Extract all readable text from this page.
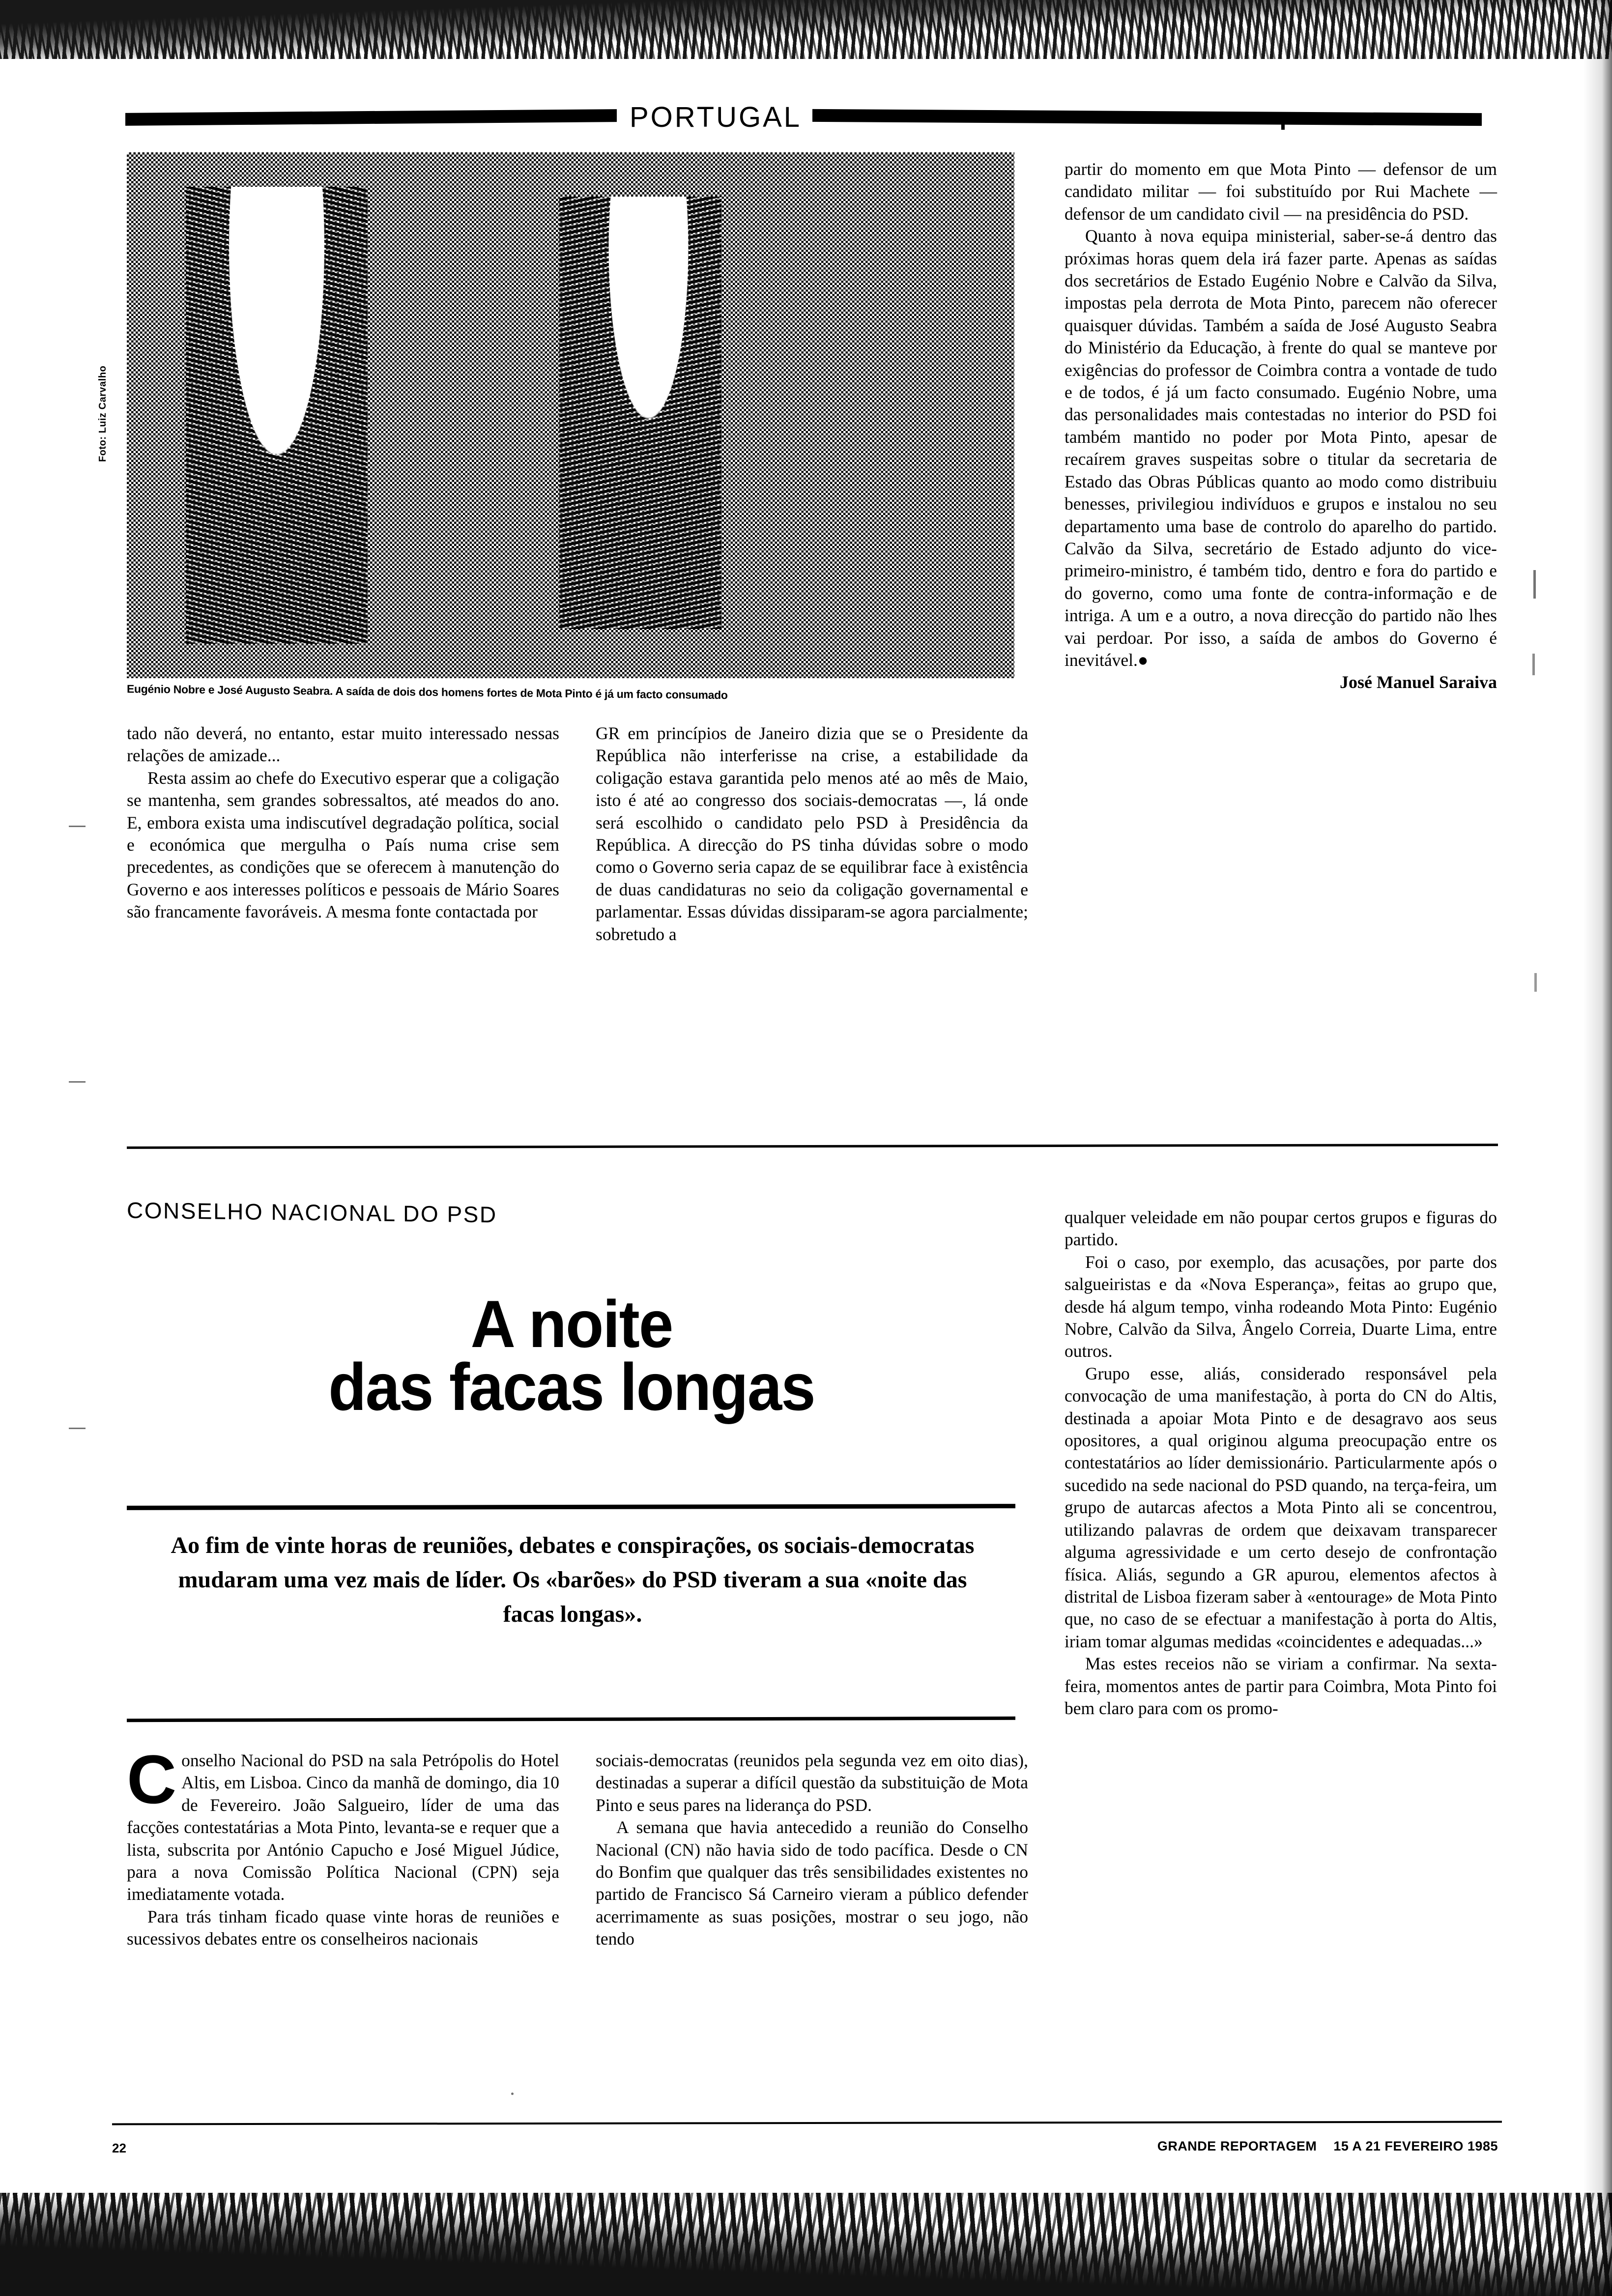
PORTUGAL
Foto: Luiz Carvalho
Eugénio Nobre e José Augusto Seabra. A saída de dois dos homens fortes de Mota Pinto é já um facto consumado

tado não deverá, no entanto, estar muito interessado nessas relações de amizade...

Resta assim ao chefe do Executivo esperar que a coligação se mantenha, sem grandes sobressaltos, até meados do ano. E, embora exista uma indiscutível degradação política, social e económica que mergulha o País numa crise sem precedentes, as condições que se oferecem à manutenção do Governo e aos interesses políticos e pessoais de Mário Soares são francamente favoráveis. A mesma fonte contactada por

GR em princípios de Janeiro dizia que se o Presidente da República não interferisse na crise, a estabilidade da coligação estava garantida pelo menos até ao mês de Maio, isto é até ao congresso dos sociais-democratas —, lá onde será escolhido o candidato pelo PSD à Presidência da República. A direcção do PS tinha dúvidas sobre o modo como o Governo seria capaz de se equilibrar face à existência de duas candidaturas no seio da coligação governamental e parlamentar. Essas dúvidas dissiparam-se agora parcialmente; sobretudo a

partir do momento em que Mota Pinto — defensor de um candidato militar — foi substituído por Rui Machete — defensor de um candidato civil — na presidência do PSD.

Quanto à nova equipa ministerial, saber-se-á dentro das próximas horas quem dela irá fazer parte. Apenas as saídas dos secretários de Estado Eugénio Nobre e Calvão da Silva, impostas pela derrota de Mota Pinto, parecem não oferecer quaisquer dúvidas. Também a saída de José Augusto Seabra do Ministério da Educação, à frente do qual se manteve por exigências do professor de Coimbra contra a vontade de tudo e de todos, é já um facto consumado. Eugénio Nobre, uma das personalidades mais contestadas no interior do PSD foi também mantido no poder por Mota Pinto, apesar de recaírem graves suspeitas sobre o titular da secretaria de Estado das Obras Públicas quanto ao modo como distribuiu benesses, privilegiou indivíduos e grupos e instalou no seu departamento uma base de controlo do aparelho do partido. Calvão da Silva, secretário de Estado adjunto do vice-primeiro-ministro, é também tido, dentro e fora do partido e do governo, como uma fonte de contra-informação e de intriga. A um e a outro, a nova direcção do partido não lhes vai perdoar. Por isso, a saída de ambos do Governo é inevitável.●

José Manuel Saraiva

CONSELHO NACIONAL DO PSD
A noite
das facas longas
Ao fim de vinte horas de reuniões, debates e conspirações, os sociais-democratas mudaram uma vez mais de líder. Os «barões» do PSD tiveram a sua «noite das facas longas».

Conselho Nacional do PSD na sala Petrópolis do Hotel Altis, em Lisboa. Cinco da manhã de domingo, dia 10 de Fevereiro. João Salgueiro, líder de uma das facções contestatárias a Mota Pinto, levanta-se e requer que a lista, subscrita por António Capucho e José Miguel Júdice, para a nova Comissão Política Nacional (CPN) seja imediatamente votada.

Para trás tinham ficado quase vinte horas de reuniões e sucessivos debates entre os conselheiros nacionais

sociais-democratas (reunidos pela segunda vez em oito dias), destinadas a superar a difícil questão da substituição de Mota Pinto e seus pares na liderança do PSD.

A semana que havia antecedido a reunião do Conselho Nacional (CN) não havia sido de todo pacífica. Desde o CN do Bonfim que qualquer das três sensibilidades existentes no partido de Francisco Sá Carneiro vieram a público defender acerrimamente as suas posições, mostrar o seu jogo, não tendo

qualquer veleidade em não poupar certos grupos e figuras do partido.

Foi o caso, por exemplo, das acusações, por parte dos salgueiristas e da «Nova Esperança», feitas ao grupo que, desde há algum tempo, vinha rodeando Mota Pinto: Eugénio Nobre, Calvão da Silva, Ângelo Correia, Duarte Lima, entre outros.

Grupo esse, aliás, considerado responsável pela convocação de uma manifestação, à porta do CN do Altis, destinada a apoiar Mota Pinto e de desagravo aos seus opositores, a qual originou alguma preocupação entre os contestatários ao líder demissionário. Particularmente após o sucedido na sede nacional do PSD quando, na terça-feira, um grupo de autarcas afectos a Mota Pinto ali se concentrou, utilizando palavras de ordem que deixavam transparecer alguma agressividade e um certo desejo de confrontação física. Aliás, segundo a GR apurou, elementos afectos à distrital de Lisboa fizeram saber à «entourage» de Mota Pinto que, no caso de se efectuar a manifestação à porta do Altis, iriam tomar algumas medidas «coincidentes e adequadas...»

Mas estes receios não se viriam a confirmar. Na sexta-feira, momentos antes de partir para Coimbra, Mota Pinto foi bem claro para com os promo-

22	GRANDE REPORTAGEM 15 A 21 FEVEREIRO 1985
